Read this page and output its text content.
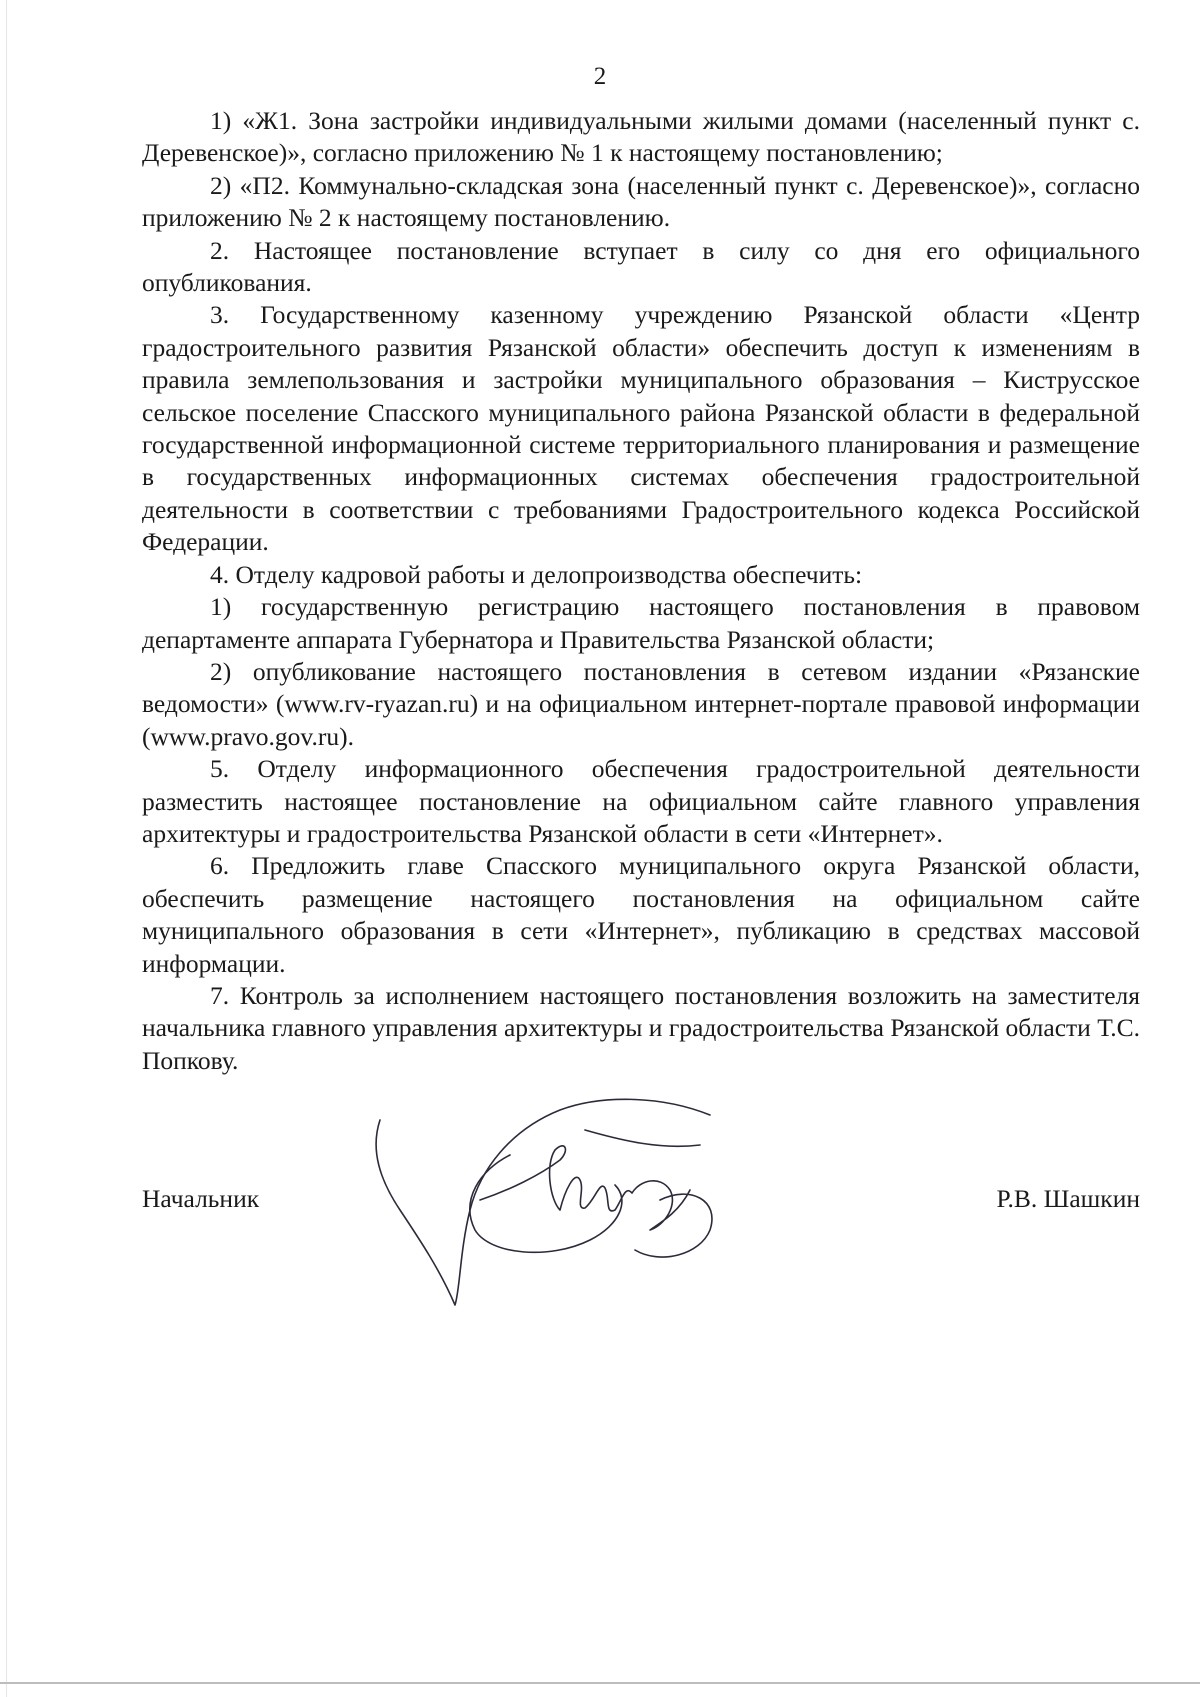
2

1) «Ж1. Зона застройки индивидуальными жилыми домами (населенный пункт с. Деревенское)», согласно приложению № 1 к настоящему постановлению;

2) «П2. Коммунально-складская зона (населенный пункт с. Деревенское)», согласно приложению № 2 к настоящему постановлению.

2. Настоящее постановление вступает в силу со дня его официального опубликования.

3. Государственному казенному учреждению Рязанской области «Центр градостроительного развития Рязанской области» обеспечить доступ к изменениям в правила землепользования и застройки муниципального образования – Киструсское сельское поселение Спасского муниципального района Рязанской области в федеральной государственной информационной системе территориального планирования и размещение в государственных информационных системах обеспечения градостроительной деятельности в соответствии с требованиями Градостроительного кодекса Российской Федерации.

4. Отделу кадровой работы и делопроизводства обеспечить:

1) государственную регистрацию настоящего постановления в правовом департаменте аппарата Губернатора и Правительства Рязанской области;

2) опубликование настоящего постановления в сетевом издании «Рязанские ведомости» (www.rv-ryazan.ru) и на официальном интернет-портале правовой информации (www.pravo.gov.ru).

5. Отделу информационного обеспечения градостроительной деятельности разместить настоящее постановление на официальном сайте главного управления архитектуры и градостроительства Рязанской области в сети «Интернет».

6. Предложить главе Спасского муниципального округа Рязанской области, обеспечить размещение настоящего постановления на официальном сайте муниципального образования в сети «Интернет», публикацию в средствах массовой информации.

7. Контроль за исполнением настоящего постановления возложить на заместителя начальника главного управления архитектуры и градостроительства Рязанской области Т.С. Попкову.

Начальник	Р.В. Шашкин
